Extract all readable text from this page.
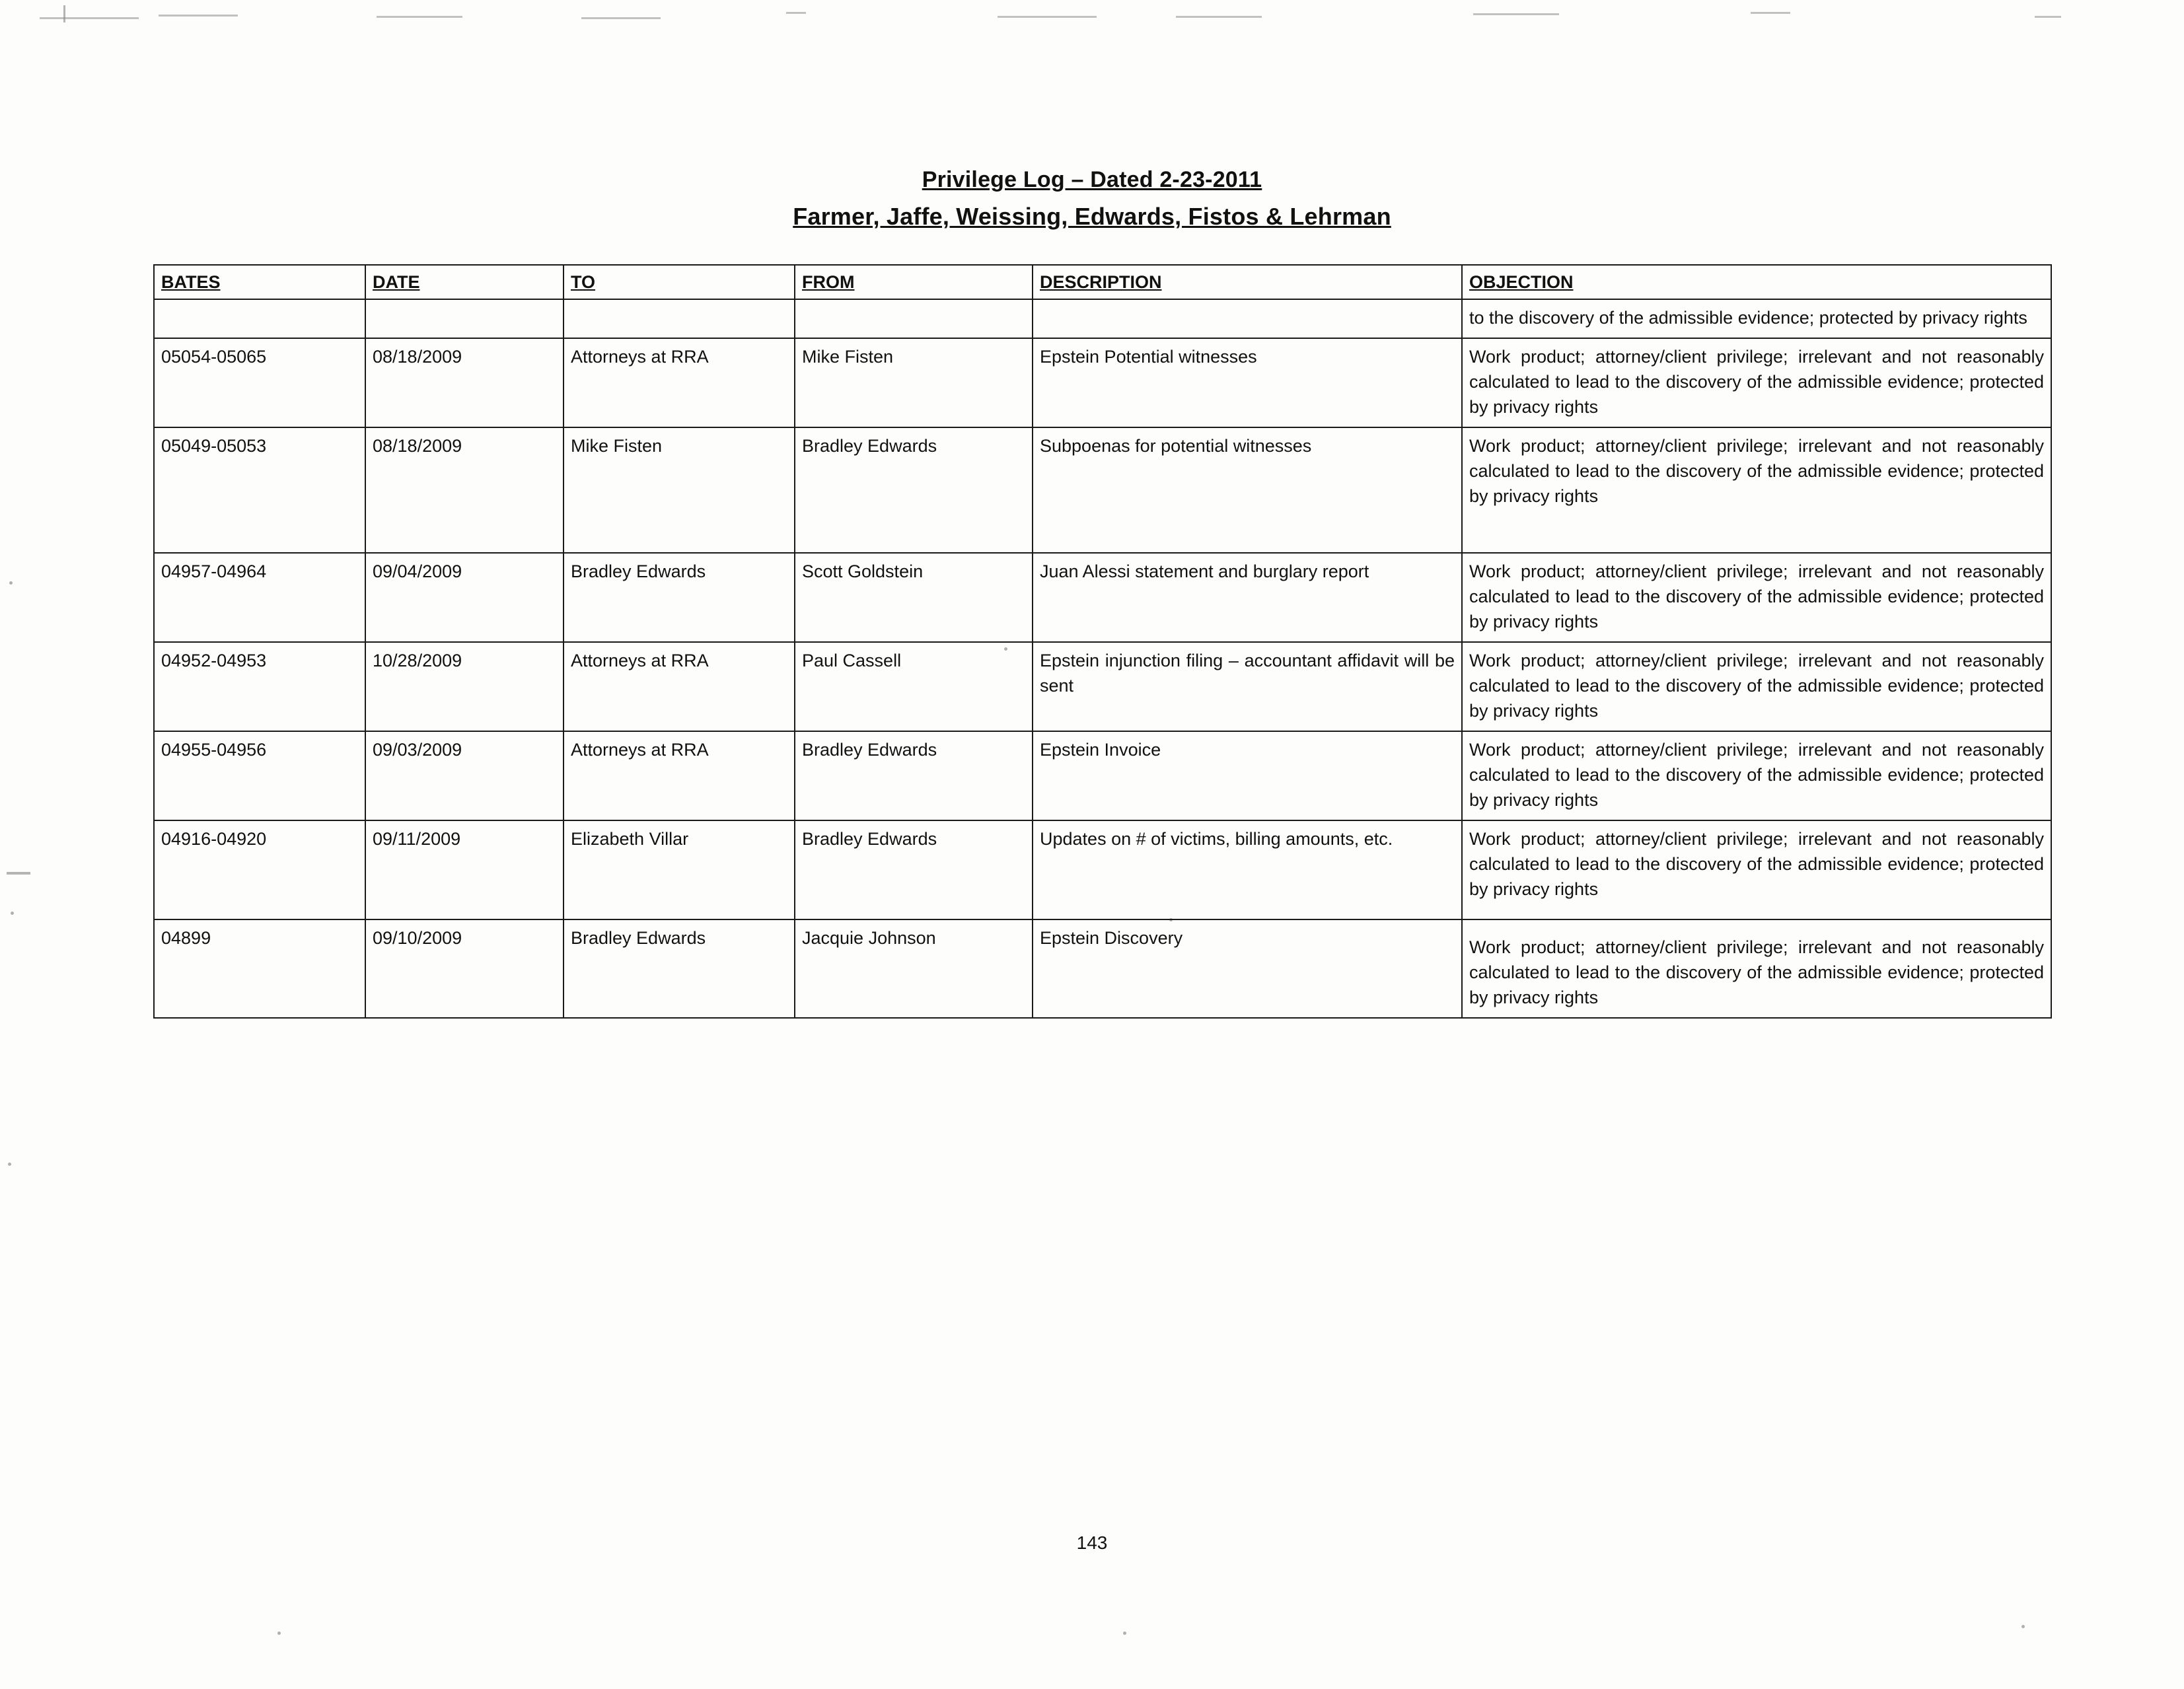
Privilege Log – Dated 2-23-2011
Farmer, Jaffe, Weissing, Edwards, Fistos & Lehrman
BATES	DATE	TO	FROM	DESCRIPTION	OBJECTION
					to the discovery of the admissible evidence; protected by privacy rights
05054-05065	08/18/2009	Attorneys at RRA	Mike Fisten	Epstein Potential witnesses	Work product; attorney/client privilege; irrelevant and not reasonably calculated to lead to the discovery of the admissible evidence; protected by privacy rights
05049-05053	08/18/2009	Mike Fisten	Bradley Edwards	Subpoenas for potential witnesses	Work product; attorney/client privilege; irrelevant and not reasonably calculated to lead to the discovery of the admissible evidence; protected by privacy rights
04957-04964	09/04/2009	Bradley Edwards	Scott Goldstein	Juan Alessi statement and burglary report	Work product; attorney/client privilege; irrelevant and not reasonably calculated to lead to the discovery of the admissible evidence; protected by privacy rights
04952-04953	10/28/2009	Attorneys at RRA	Paul Cassell	Epstein injunction filing – accountant affidavit will be sent	Work product; attorney/client privilege; irrelevant and not reasonably calculated to lead to the discovery of the admissible evidence; protected by privacy rights
04955-04956	09/03/2009	Attorneys at RRA	Bradley Edwards	Epstein Invoice	Work product; attorney/client privilege; irrelevant and not reasonably calculated to lead to the discovery of the admissible evidence; protected by privacy rights
04916-04920	09/11/2009	Elizabeth Villar	Bradley Edwards	Updates on # of victims, billing amounts, etc.	Work product; attorney/client privilege; irrelevant and not reasonably calculated to lead to the discovery of the admissible evidence; protected by privacy rights
04899	09/10/2009	Bradley Edwards	Jacquie Johnson	Epstein Discovery	Work product; attorney/client privilege; irrelevant and not reasonably calculated to lead to the discovery of the admissible evidence; protected by privacy rights
143
